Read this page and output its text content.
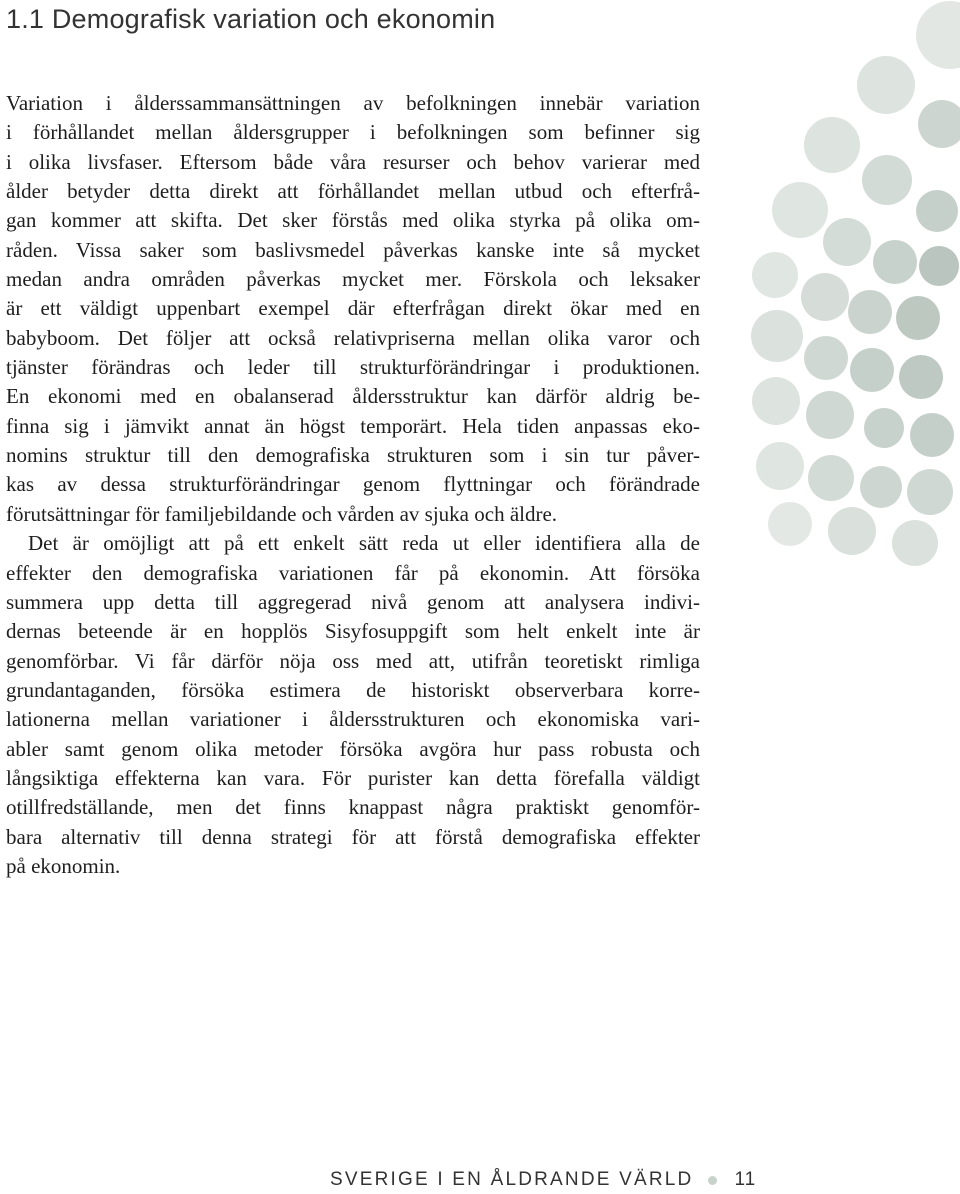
1.1 Demografisk variation och ekonomin
Variation i ålderssammansättningen av befolkningen innebär variation
i förhållandet mellan åldersgrupper i befolkningen som befinner sig
i olika livsfaser. Eftersom både våra resurser och behov varierar med
ålder betyder detta direkt att förhållandet mellan utbud och efterfrå-
gan kommer att skifta. Det sker förstås med olika styrka på olika om-
råden. Vissa saker som baslivsmedel påverkas kanske inte så mycket
medan andra områden påverkas mycket mer. Förskola och leksaker
är ett väldigt uppenbart exempel där efterfrågan direkt ökar med en
babyboom. Det följer att också relativpriserna mellan olika varor och
tjänster förändras och leder till strukturförändringar i produktionen.
En ekonomi med en obalanserad åldersstruktur kan därför aldrig be-
finna sig i jämvikt annat än högst temporärt. Hela tiden anpassas eko-
nomins struktur till den demografiska strukturen som i sin tur påver-
kas av dessa strukturförändringar genom flyttningar och förändrade
förutsättningar för familjebildande och vården av sjuka och äldre.
Det är omöjligt att på ett enkelt sätt reda ut eller identifiera alla de
effekter den demografiska variationen får på ekonomin. Att försöka
summera upp detta till aggregerad nivå genom att analysera indivi-
dernas beteende är en hopplös Sisyfosuppgift som helt enkelt inte är
genomförbar. Vi får därför nöja oss med att, utifrån teoretiskt rimliga
grundantaganden, försöka estimera de historiskt observerbara korre-
lationerna mellan variationer i åldersstrukturen och ekonomiska vari-
abler samt genom olika metoder försöka avgöra hur pass robusta och
långsiktiga effekterna kan vara. För purister kan detta förefalla väldigt
otillfredställande, men det finns knappast några praktiskt genomför-
bara alternativ till denna strategi för att förstå demografiska effekter
på ekonomin.
SVERIGE I EN ÅLDRANDE VÄRLD 11
